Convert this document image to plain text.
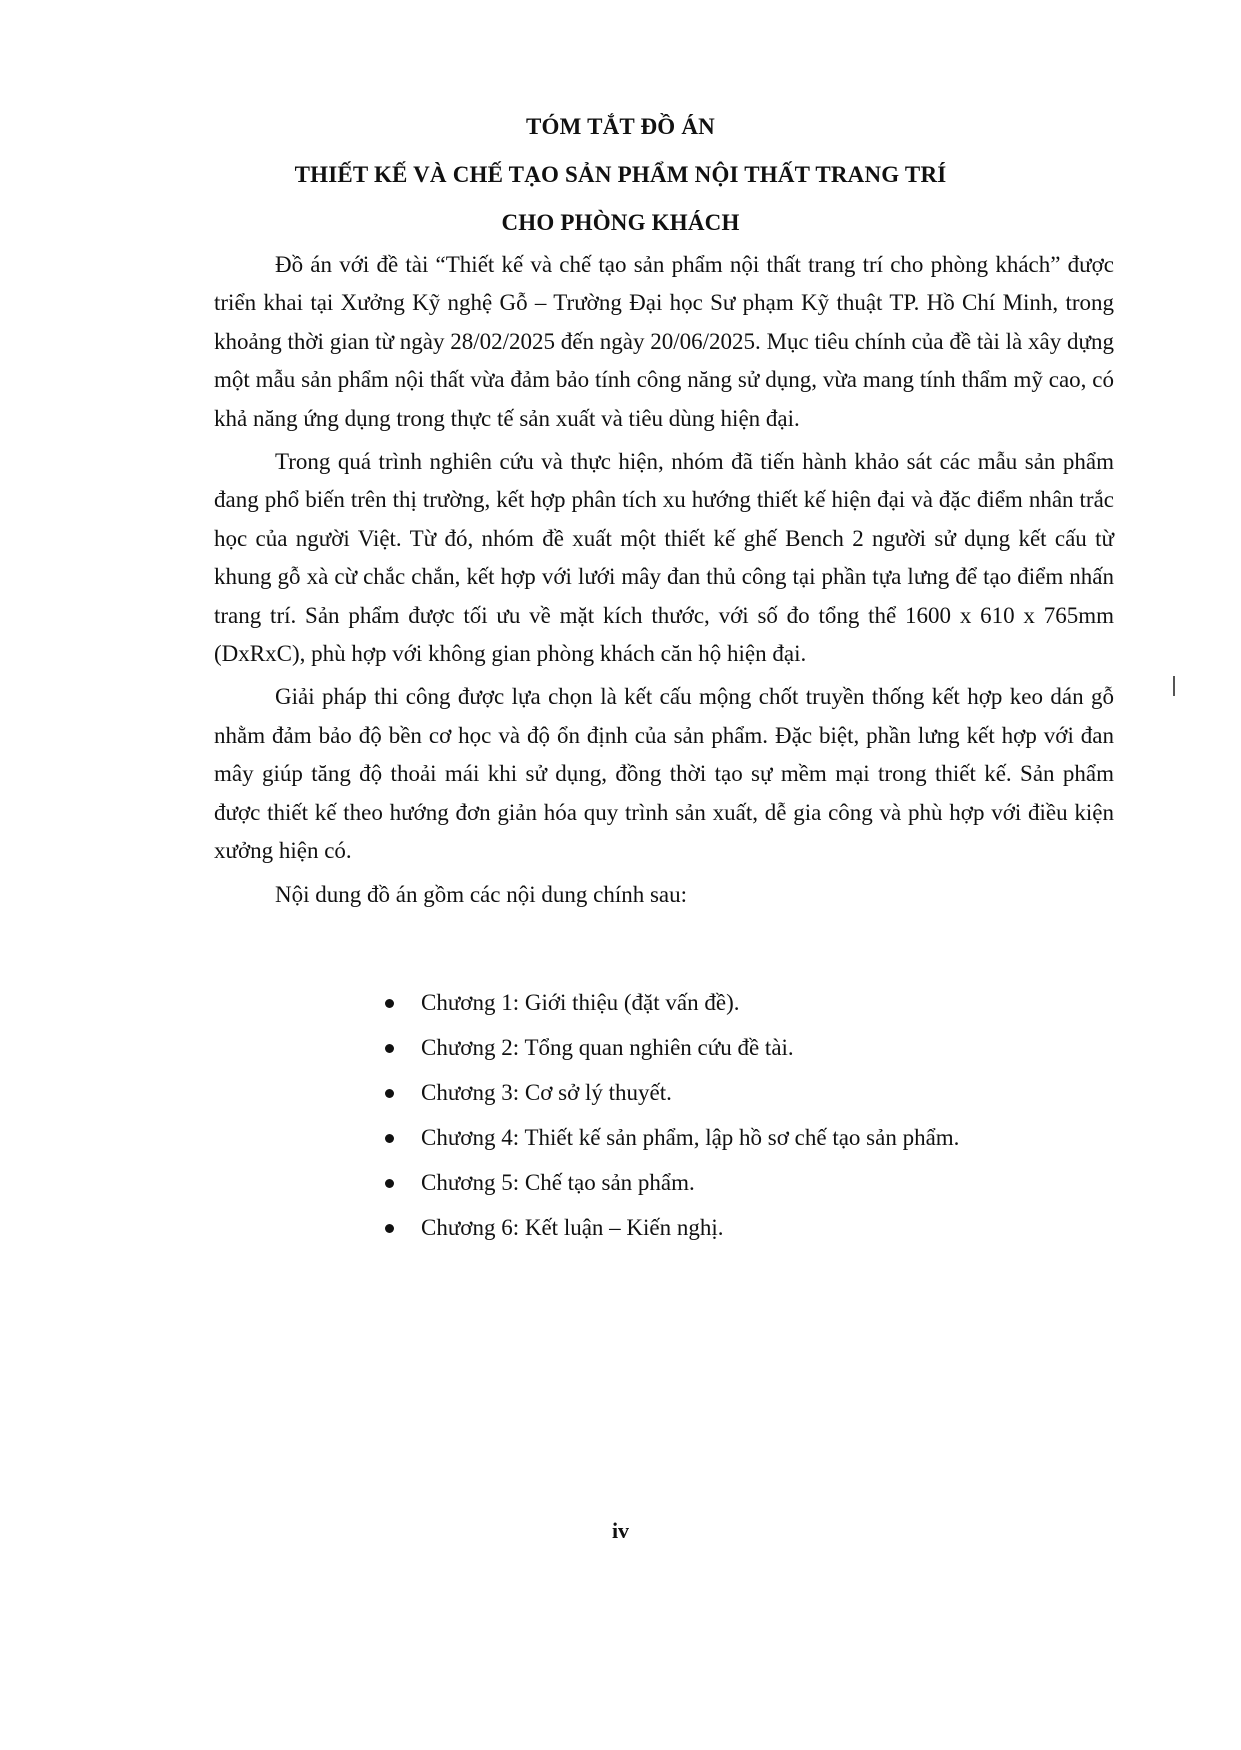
TÓM TẮT ĐỒ ÁN
THIẾT KẾ VÀ CHẾ TẠO SẢN PHẨM NỘI THẤT TRANG TRÍ
CHO PHÒNG KHÁCH

Đồ án với đề tài “Thiết kế và chế tạo sản phẩm nội thất trang trí cho phòng khách” được triển khai tại Xưởng Kỹ nghệ Gỗ – Trường Đại học Sư phạm Kỹ thuật TP. Hồ Chí Minh, trong khoảng thời gian từ ngày 28/02/2025 đến ngày 20/06/2025. Mục tiêu chính của đề tài là xây dựng một mẫu sản phẩm nội thất vừa đảm bảo tính công năng sử dụng, vừa mang tính thẩm mỹ cao, có khả năng ứng dụng trong thực tế sản xuất và tiêu dùng hiện đại.

Trong quá trình nghiên cứu và thực hiện, nhóm đã tiến hành khảo sát các mẫu sản phẩm đang phổ biến trên thị trường, kết hợp phân tích xu hướng thiết kế hiện đại và đặc điểm nhân trắc học của người Việt. Từ đó, nhóm đề xuất một thiết kế ghế Bench 2 người sử dụng kết cấu từ khung gỗ xà cừ chắc chắn, kết hợp với lưới mây đan thủ công tại phần tựa lưng để tạo điểm nhấn trang trí. Sản phẩm được tối ưu về mặt kích thước, với số đo tổng thể 1600 x 610 x 765mm (DxRxC), phù hợp với không gian phòng khách căn hộ hiện đại.

Giải pháp thi công được lựa chọn là kết cấu mộng chốt truyền thống kết hợp keo dán gỗ nhằm đảm bảo độ bền cơ học và độ ổn định của sản phẩm. Đặc biệt, phần lưng kết hợp với đan mây giúp tăng độ thoải mái khi sử dụng, đồng thời tạo sự mềm mại trong thiết kế. Sản phẩm được thiết kế theo hướng đơn giản hóa quy trình sản xuất, dễ gia công và phù hợp với điều kiện xưởng hiện có.

Nội dung đồ án gồm các nội dung chính sau:

Chương 1: Giới thiệu (đặt vấn đề).
Chương 2: Tổng quan nghiên cứu đề tài.
Chương 3: Cơ sở lý thuyết.
Chương 4: Thiết kế sản phẩm, lập hồ sơ chế tạo sản phẩm.
Chương 5: Chế tạo sản phẩm.
Chương 6: Kết luận – Kiến nghị.
iv
